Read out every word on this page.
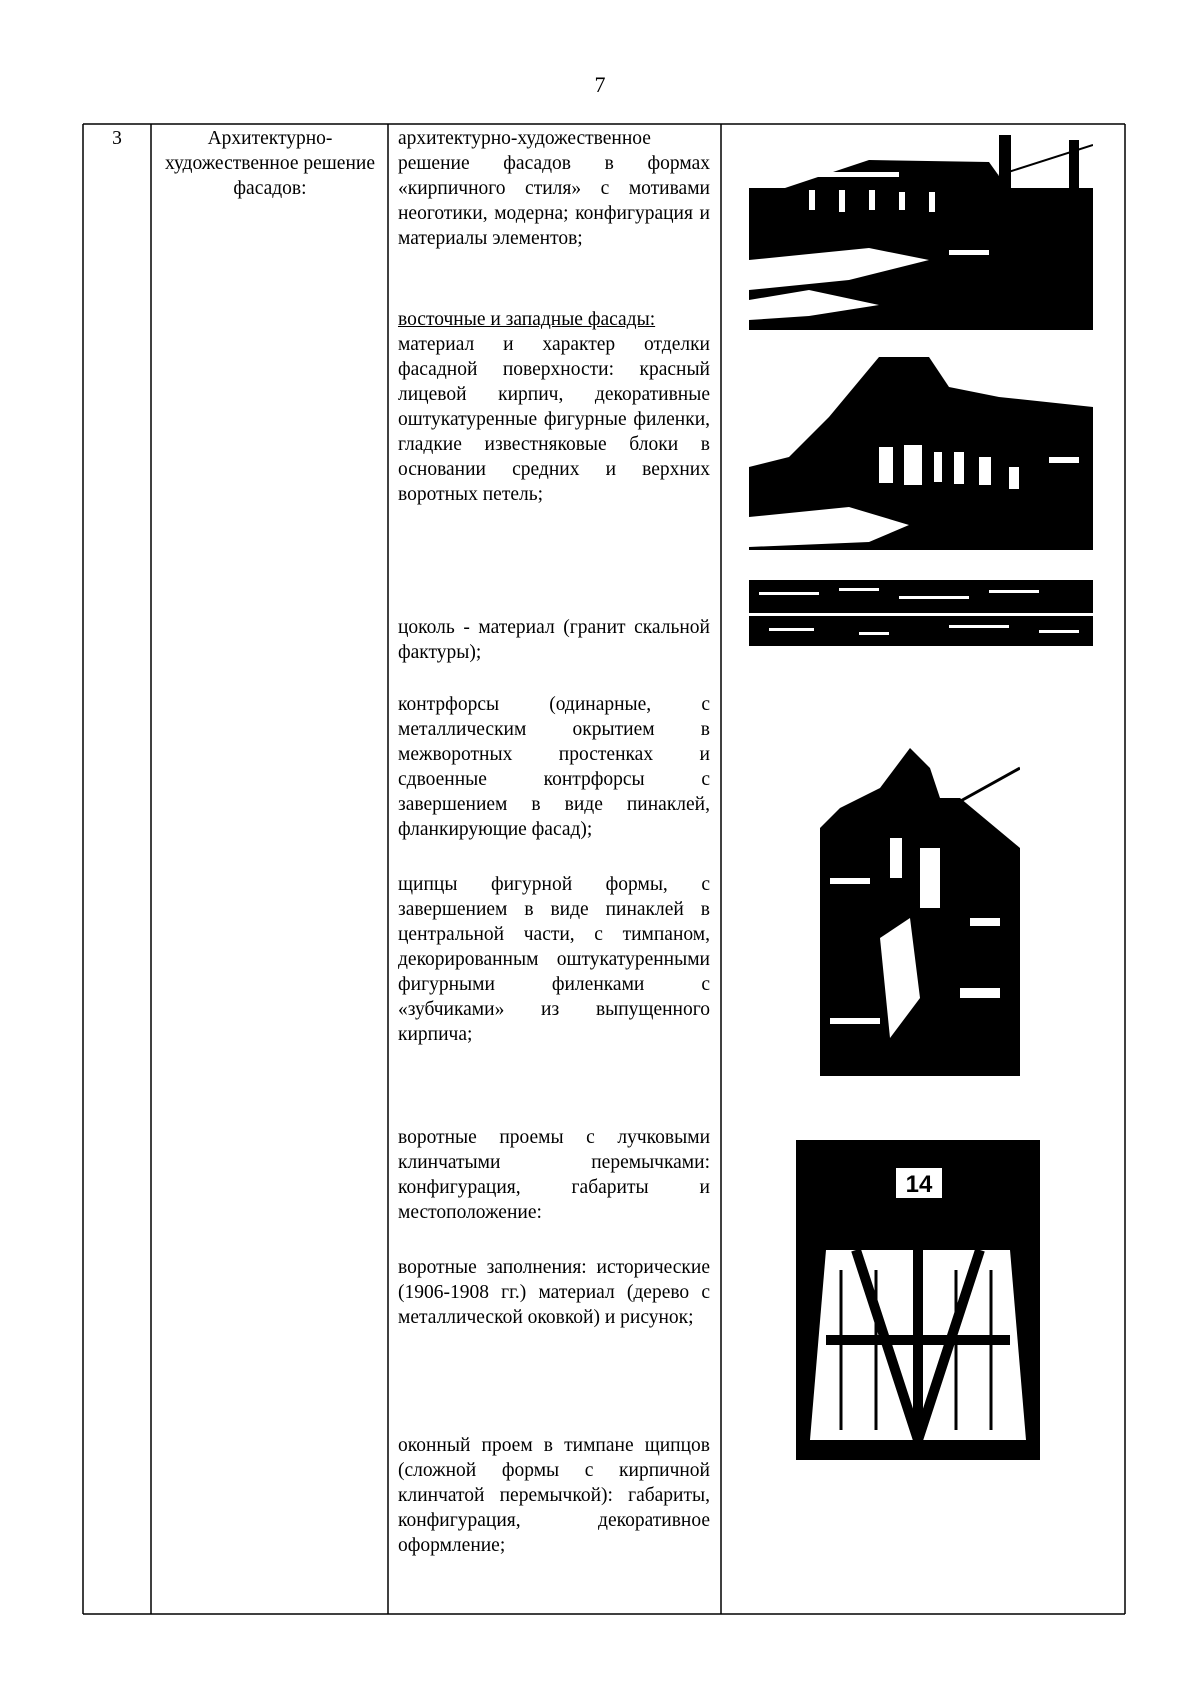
7
3	Архитектурно-художественное решение фасадов:

архитектурно-художественное решение фасадов в формах «кирпичного стиля» с мотивами неоготики, модерна; конфигурация и материалы элементов;

восточные и западные фасады:

материал и характер отделки фасадной поверхности: красный лицевой кирпич, декоративные оштукатуренные фигурные филенки, гладкие известняковые блоки в основании средних и верхних воротных петель;

цоколь - материал (гранит скальной фактуры);

контрфорсы (одинарные, с металлическим окрытием в межворотных простенках и сдвоенные контрфорсы с завершением в виде пинаклей, фланкирующие фасад);

щипцы фигурной формы, с завершением в виде пинаклей в центральной части, с тимпаном, декорированным оштукатуренными фигурными филенками с «зубчиками» из выпущенного кирпича;

воротные проемы с лучковыми клинчатыми перемычками: конфигурация, габариты и местоположение:

воротные заполнения: исторические (1906-1908 гг.) материал (дерево с металлической оковкой) и рисунок;

оконный проем в тимпане щипцов (сложной формы с кирпичной клинчатой перемычкой): габариты, конфигурация, декоративное оформление;

14
